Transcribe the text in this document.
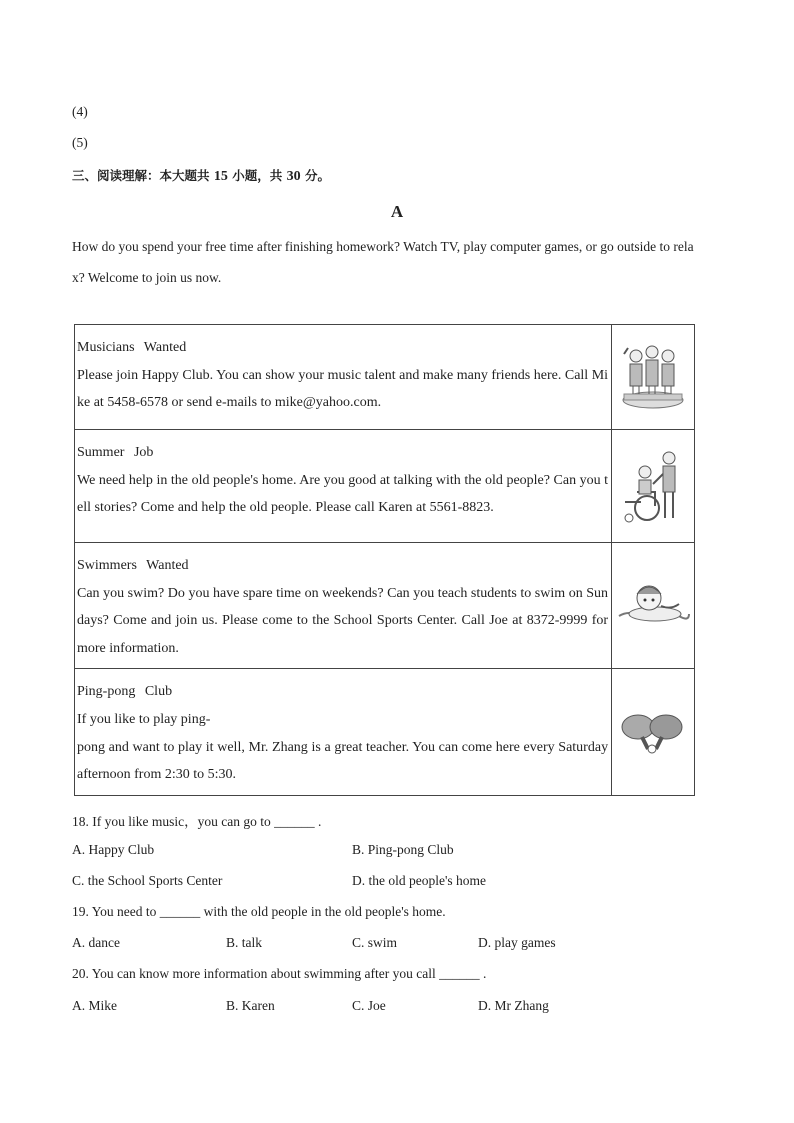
(4)
(5)
三、阅读理解：本大题共 15 小题，共 30 分。
A
How do you spend your free time after finishing homework? Watch TV, play computer games, or go outside to rela
x? Welcome to join us now.
Musicians Wanted
Please join Happy Club. You can show your music talent and make many friends here. Call Mike at 5458-6578 or send e-mails to mike@yahoo.com.

Summer Job
We need help in the old people's home. Are you good at talking with the old people? Can you tell stories? Come and help the old people. Please call Karen at 5561-8823.

Swimmers Wanted
Can you swim? Do you have spare time on weekends? Can you teach students to swim on Sundays? Come and join us. Please come to the School Sports Center. Call Joe at 8372-9999 for more information.

Ping-pong Club
If you like to play ping-
pong and want to play it well, Mr. Zhang is a great teacher. You can come here every Saturday afternoon from 2:30 to 5:30.

18. If you like music，you can go to ______ .
A. Happy Club	B. Ping-pong Club
C. the School Sports Center	D. the old people's home
19. You need to ______ with the old people in the old people's home.
A. dance	B. talk	C. swim	D. play games
20. You can know more information about swimming after you call ______ .
A. Mike	B. Karen	C. Joe	D. Mr Zhang
